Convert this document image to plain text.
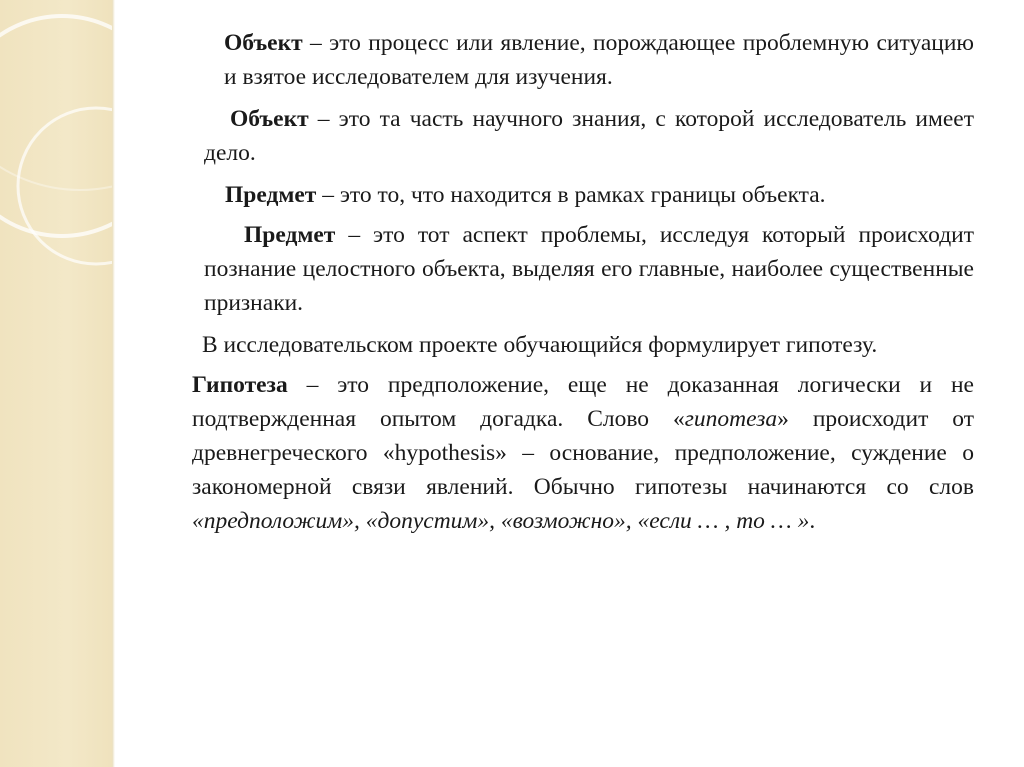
Объект – это процесс или явление, порождающее проблемную ситуацию и взятое исследователем для изучения.

Объект – это та часть научного знания, с которой исследователь имеет дело.

Предмет – это то, что находится в рамках границы объекта.

Предмет – это тот аспект проблемы, исследуя который происходит познание целостного объекта, выделяя его главные, наиболее существенные признаки.

В исследовательском проекте обучающийся формулирует гипотезу.

Гипотеза – это предположение, еще не доказанная логически и не подтвержденная опытом догадка. Слово «гипотеза» происходит от древнегреческого «hypothesis» – основание, предположение, суждение о закономерной связи явлений. Обычно гипотезы начинаются со слов «предположим», «допустим», «возможно», «если … , то … ».
